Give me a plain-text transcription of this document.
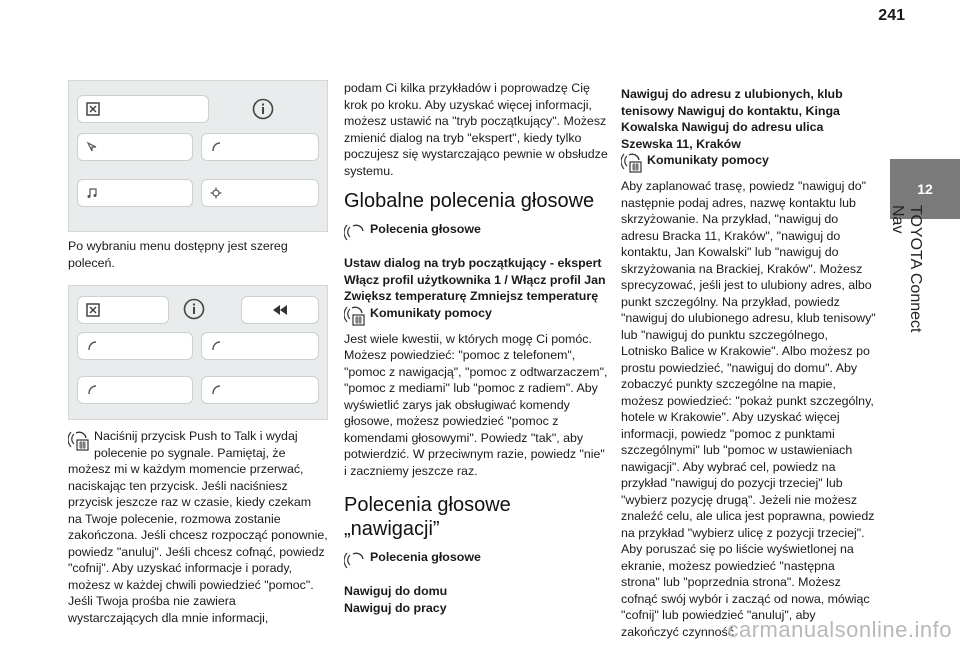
241
12
TOYOTA Connect Nav

Po wybraniu menu dostępny jest szereg poleceń.

Naciśnij przycisk Push to Talk i wydaj polecenie po sygnale. Pamiętaj, że możesz mi w każdym momencie przerwać, naciskając ten przycisk. Jeśli naciśniesz przycisk jeszcze raz w czasie, kiedy czekam na Twoje polecenie, rozmowa zostanie zakończona. Jeśli chcesz rozpocząć ponownie, powiedz "anuluj". Jeśli chcesz cofnąć, powiedz "cofnij". Aby uzyskać informacje i porady, możesz w każdej chwili powiedzieć "pomoc". Jeśli Twoja prośba nie zawiera wystarczających dla mnie informacji,

podam Ci kilka przykładów i poprowadzę Cię krok po kroku. Aby uzyskać więcej informacji, możesz ustawić na "tryb początkujący". Możesz zmienić dialog na tryb "ekspert", kiedy tylko poczujesz się wystarczająco pewnie w obsłudze systemu.

Globalne polecenia głosowe
Polecenia głosowe

Ustaw dialog na tryb początkujący - ekspert Włącz profil użytkownika 1 / Włącz profil Jan Zwiększ temperaturę Zmniejsz temperaturę

Komunikaty pomocy

Jest wiele kwestii, w których mogę Ci pomóc. Możesz powiedzieć: "pomoc z telefonem", "pomoc z nawigacją", "pomoc z odtwarzaczem", "pomoc z mediami" lub "pomoc z radiem". Aby wyświetlić zarys jak obsługiwać komendy głosowe, możesz powiedzieć "pomoc z komendami głosowymi". Powiedz "tak", aby potwierdzić. W przeciwnym razie, powiedz "nie" i zaczniemy jeszcze raz.

Polecenia głosowe „nawigacji”
Polecenia głosowe

Nawiguj do domu Nawiguj do pracy

Nawiguj do adresu z ulubionych, klub tenisowy Nawiguj do kontaktu, Kinga Kowalska Nawiguj do adresu ulica Szewska 11, Kraków

Komunikaty pomocy

Aby zaplanować trasę, powiedz "nawiguj do" następnie podaj adres, nazwę kontaktu lub skrzyżowanie. Na przykład, "nawiguj do adresu Bracka 11, Kraków", "nawiguj do kontaktu, Jan Kowalski" lub "nawiguj do skrzyżowania na Brackiej, Kraków". Możesz sprecyzować, jeśli jest to ulubiony adres, albo punkt szczególny. Na przykład, powiedz "nawiguj do ulubionego adresu, klub tenisowy" lub "nawiguj do punktu szczególnego, Lotnisko Balice w Krakowie". Albo możesz po prostu powiedzieć, "nawiguj do domu". Aby zobaczyć punkty szczególne na mapie, możesz powiedzieć: "pokaż punkt szczególny, hotele w Krakowie". Aby uzyskać więcej informacji, powiedz "pomoc z punktami szczególnymi" lub "pomoc w ustawieniach nawigacji". Aby wybrać cel, powiedz na przykład "nawiguj do pozycji trzeciej" lub "wybierz pozycję drugą". Jeżeli nie możesz znaleźć celu, ale ulica jest poprawna, powiedz na przykład "wybierz ulicę z pozycji trzeciej". Aby poruszać się po liście wyświetlonej na ekranie, możesz powiedzieć "następna strona" lub "poprzednia strona". Możesz cofnąć swój wybór i zacząć od nowa, mówiąc "cofnij" lub powiedzieć "anuluj", aby zakończyć czynność.

carmanualsonline.info
